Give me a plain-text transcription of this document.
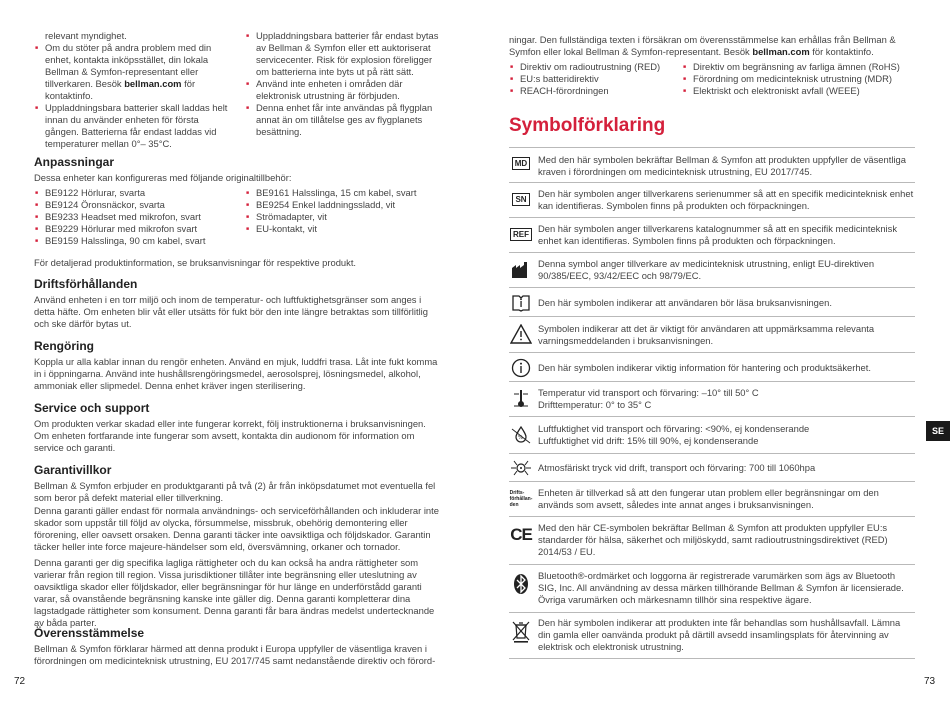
relevant myndighet.
■ Om du stöter på andra problem med din enhet, kontakta inköpsstället, din lokala Bellman & Symfon-representant eller tillverkaren. Besök bellman.com för kontaktinfo.
■ Uppladdningsbara batterier skall laddas helt innan du använder enheten för första gången. Batterierna får endast laddas vid temperaturer mellan 0°– 35°C.
■ Uppladdningsbara batterier får endast bytas av Bellman & Symfon eller ett auktoriserat servicecenter. Risk för explosion föreligger om batterierna inte byts ut på rätt sätt.
■ Använd inte enheten i områden där elektronisk utrustning är förbjuden.
■ Denna enhet får inte användas på flygplan annat än om tillåtelse ges av flygplanets besättning.
Anpassningar
Dessa enheter kan konfigureras med följande originaltillbehör:
■ BE9122 Hörlurar, svarta
■ BE9124 Öronsnäckor, svarta
■ BE9233 Headset med mikrofon, svart
■ BE9229 Hörlurar med mikrofon svart
■ BE9159 Halsslinga, 90 cm kabel, svart
■ BE9161 Halsslinga, 15 cm kabel, svart
■ BE9254 Enkel laddningssladd, vit
■ Strömadapter, vit
■ EU-kontakt, vit
För detaljerad produktinformation, se bruksanvisningar för respektive produkt.
Driftsförhållanden
Använd enheten i en torr miljö och inom de temperatur- och luftfuktighetsgränser som anges i detta häfte. Om enheten blir våt eller utsätts för fukt bör den inte längre betraktas som tillförlitlig och ske därför bytas ut.
Rengöring
Koppla ur alla kablar innan du rengör enheten. Använd en mjuk, luddfri trasa. Låt inte fukt komma in i öppningarna. Använd inte hushållsrengöringsmedel, aerosolsprej, lösningsmedel, alkohol, ammoniak eller slipmedel. Denna enhet kräver ingen sterilisering.
Service och support
Om produkten verkar skadad eller inte fungerar korrekt, följ instruktionerna i bruksanvisningen. Om enheten fortfarande inte fungerar som avsett, kontakta din audionom för information om service och garanti.
Garantivillkor
Bellman & Symfon erbjuder en produktgaranti på två (2) år från inköpsdatumet mot eventuella fel som beror på defekt material eller tillverkning.
Denna garanti gäller endast för normala användnings- och serviceförhållanden och inkluderar inte skador som uppstår till följd av olycka, försummelse, missbruk, obehörig demontering eller förorening, eller oavsett orsaken. Denna garanti täcker inte oavsiktliga och följdskador. Garantin täcker heller inte force majeure-händelser som eld, översvämning, orkaner och tornador.
Denna garanti ger dig specifika lagliga rättigheter och du kan också ha andra rättigheter som varierar från region till region. Vissa jurisdiktioner tillåter inte begränsning eller uteslutning av oavsiktliga skador eller följdskador, eller begränsningar för hur länge en underförstådd garanti varar, så ovanstående begränsning kanske inte gäller dig. Denna garanti kompletterar dina lagstadgade rättigheter som konsument. Denna garanti får bara ändras medelst undertecknande av båda parter.
Överensstämmelse
Bellman & Symfon förklarar härmed att denna produkt i Europa uppfyller de väsentliga kraven i förordningen om medicinteknisk utrustning, EU 2017/745 samt nedanstående direktiv och förord-
72
ningar. Den fullständiga texten i försäkran om överensstämmelse kan erhållas från Bellman & Symfon eller lokal Bellman & Symfon-representant. Besök bellman.com för kontaktinfo.
■ Direktiv om radioutrustning (RED)
■ EU:s batteridirektiv
■ REACH-förordningen
■ Direktiv om begränsning av farliga ämnen (RoHS)
■ Förordning om medicinteknisk utrustning (MDR)
■ Elektriskt och elektroniskt avfall (WEEE)
Symbolförklaring
MD	Med den här symbolen bekräftar Bellman & Symfon att produkten uppfyller de väsentliga kraven i förordningen om medicinteknisk utrustning, EU 2017/745.
SN
Den här symbolen anger tillverkarens serienummer så att en specifik medicinteknisk enhet kan identifieras. Symbolen finns på produkten och förpackningen.
REF
Den här symbolen anger tillverkarens katalognummer så att en specifik medicinteknisk enhet kan identifieras. Symbolen finns på produkten och förpackningen.
Denna symbol anger tillverkare av medicinteknisk utrustning, enligt EU-direktiven 90/385/EEC, 93/42/EEC och 98/79/EC.
Den här symbolen indikerar att användaren bör läsa bruksanvisningen.
Symbolen indikerar att det är viktigt för användaren att uppmärksamma relevanta varningsmeddelanden i bruksanvisningen.
Den här symbolen indikerar viktig information för hantering och produktsäkerhet.
Temperatur vid transport och förvaring: –10° till 50° C
Drifttemperatur: 0° to 35° C
%
Luftfuktighet vid transport och förvaring: <90%, ej kondenserande
Luftfuktighet vid drift: 15% till 90%, ej kondenserande
Atmosfäriskt tryck vid drift, transport och förvaring: 700 till 1060hpa
Drifts-
förhållan-
den
Enheten är tillverkad så att den fungerar utan problem eller begränsningar om den används som avsett, således inte annat anges i bruksanvisningen.
CE Med den här CE-symbolen bekräftar Bellman & Symfon att produkten uppfyller EU:s standarder för hälsa, säkerhet och miljöskydd, samt radioutrustningsdirektivet (RED) 2014/53 / EU.
Bluetooth®-ordmärket och loggorna är registrerade varumärken som ägs av Bluetooth SIG, Inc. All användning av dessa märken tillhörande Bellman & Symfon är licensierade. Övriga varumärken och märkesnamn tillhör sina respektive ägare.
Den här symbolen indikerar att produkten inte får behandlas som hushållsavfall. Lämna din gamla eller oanvända produkt på därtill avsedd insamlingsplats för återvinning av elektrisk och elektronisk utrustning.
SE
73
